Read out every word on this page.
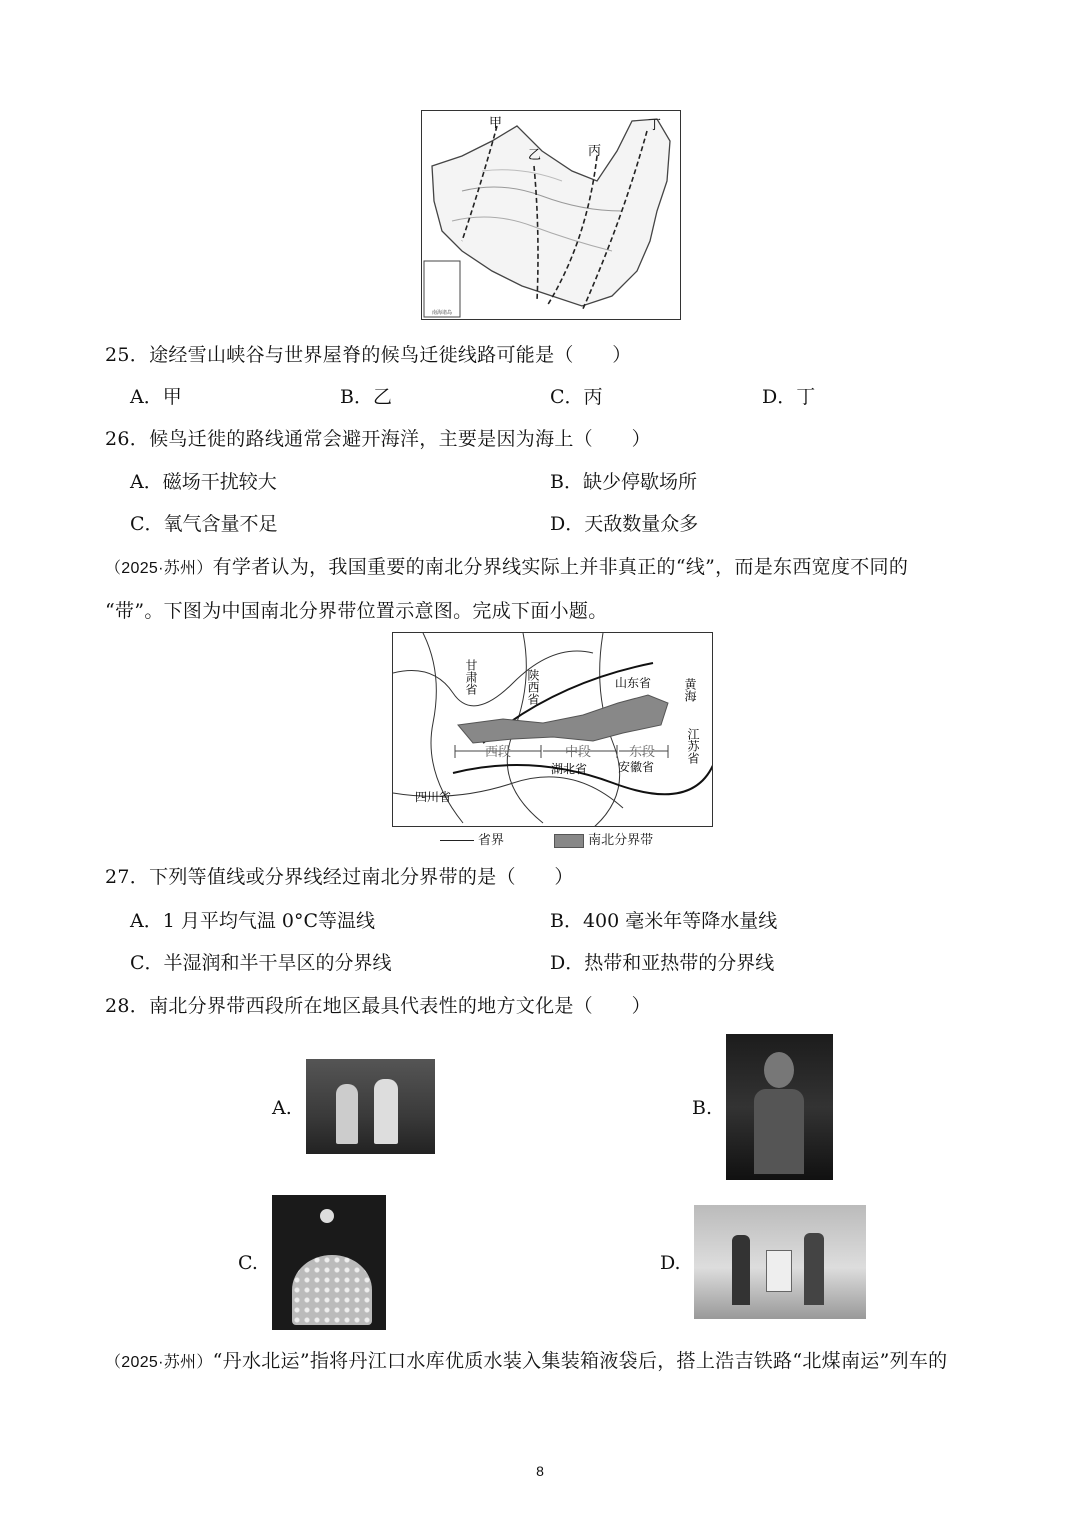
南海诸岛
甲
乙	丙
丁
25．途经雪山峡谷与世界屋脊的候鸟迁徙线路可能是（　　）
A．甲	B．乙	C．丙	D．丁
26．候鸟迁徙的路线通常会避开海洋，主要是因为海上（　　）
A．磁场干扰较大	B．缺少停歇场所
C．氧气含量不足	D．天敌数量众多
（2025·苏州）有学者认为，我国重要的南北分界线实际上并非真正的“线”，而是东西宽度不同的
“带”。下图为中国南北分界带位置示意图。完成下面小题。
西段	中段	东段
甘肃省	陕西省	山东省	黄海
江苏省
湖北省	安徽省
四川省
省界	南北分界带
27．下列等值线或分界线经过南北分界带的是（　　）
A．1 月平均气温 0°C等温线	B．400 毫米年等降水量线
C．半湿润和半干旱区的分界线	D．热带和亚热带的分界线
28．南北分界带西段所在地区最具代表性的地方文化是（　　）
A.	B.
C.	D.
（2025·苏州）“丹水北运”指将丹江口水库优质水装入集装箱液袋后，搭上浩吉铁路“北煤南运”列车的
8
